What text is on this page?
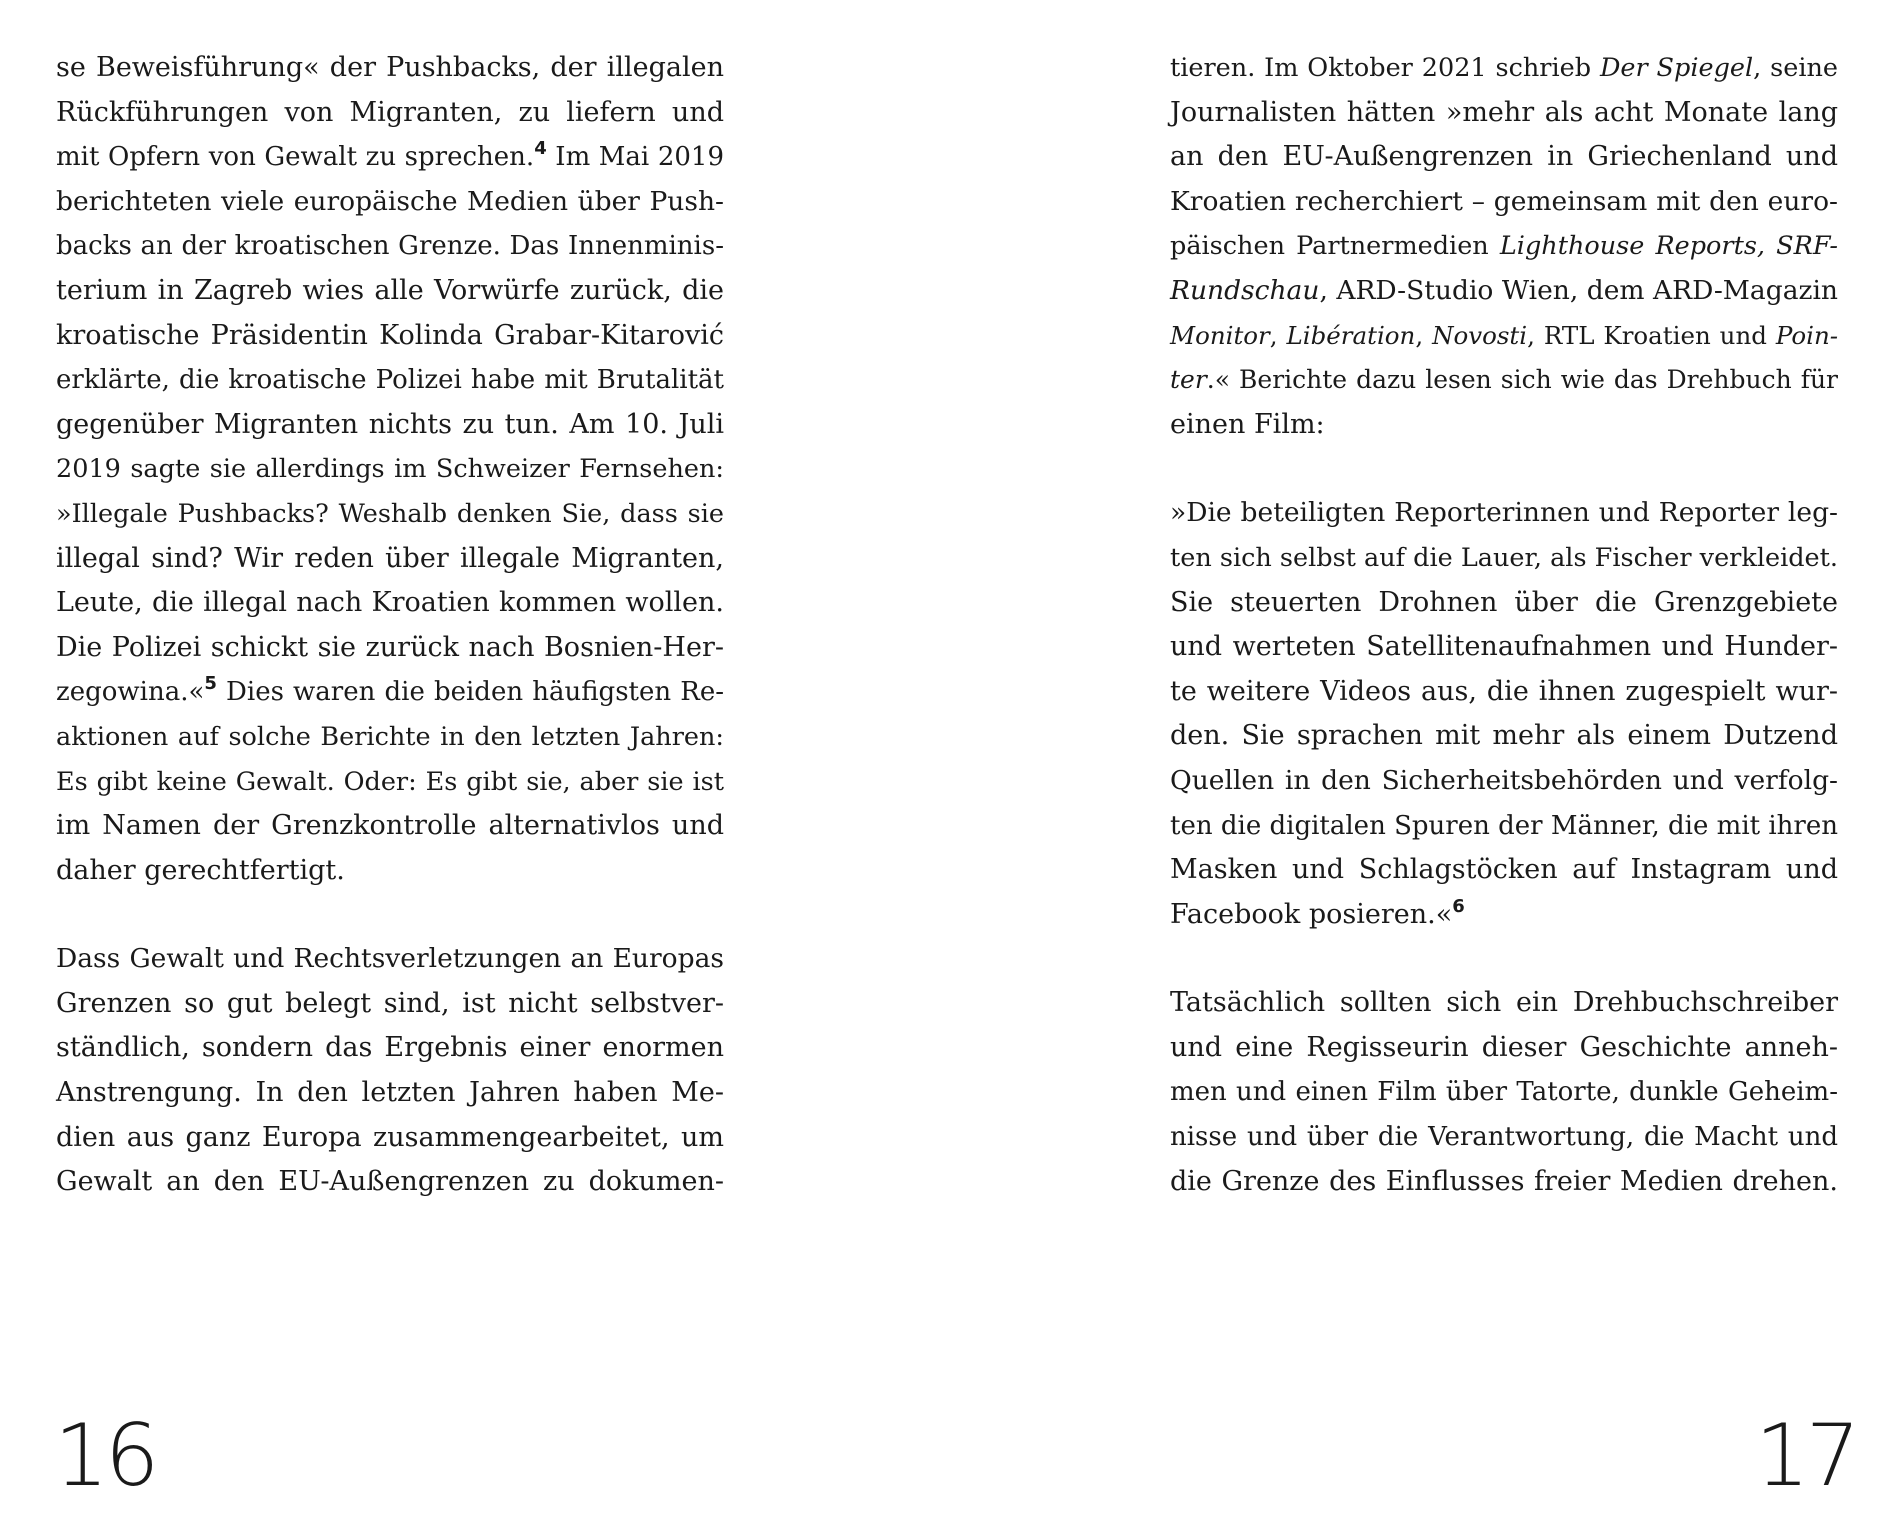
se Beweisführung« der Pushbacks, der illegalen
Rückführungen von Migranten, zu liefern und
mit Opfern von Gewalt zu sprechen.$^4$ Im Mai 2019
berichteten viele europäische Medien über Push-
backs an der kroatischen Grenze. Das Innenminis-
terium in Zagreb wies alle Vorwürfe zurück, die
kroatische Präsidentin Kolinda Grabar-Kitarović
erklärte, die kroatische Polizei habe mit Brutalität
gegenüber Migranten nichts zu tun. Am 10. Juli
2019 sagte sie allerdings im Schweizer Fernsehen:
»Illegale Pushbacks? Weshalb denken Sie, dass sie
illegal sind? Wir reden über illegale Migranten,
Leute, die illegal nach Kroatien kommen wollen.
Die Polizei schickt sie zurück nach Bosnien-Her-
zegowina.«$^5$ Dies waren die beiden häufigsten Re-
aktionen auf solche Berichte in den letzten Jahren:
Es gibt keine Gewalt. Oder: Es gibt sie, aber sie ist
im Namen der Grenzkontrolle alternativlos und
daher gerechtfertigt.

Dass Gewalt und Rechtsverletzungen an Europas
Grenzen so gut belegt sind, ist nicht selbstver-
ständlich, sondern das Ergebnis einer enormen
Anstrengung. In den letzten Jahren haben Me-
dien aus ganz Europa zusammengearbeitet, um
Gewalt an den EU-Außengrenzen zu dokumen-

16

tieren. Im Oktober 2021 schrieb Der Spiegel, seine
Journalisten hätten »mehr als acht Monate lang
an den EU-Außengrenzen in Griechenland und
Kroatien recherchiert – gemeinsam mit den euro-
päischen Partnermedien Lighthouse Reports, SRF-
Rundschau, ARD-Studio Wien, dem ARD-Magazin
Monitor, Libération, Novosti, RTL Kroatien und Poin-
ter.« Berichte dazu lesen sich wie das Drehbuch für
einen Film:

»Die beteiligten Reporterinnen und Reporter leg-
ten sich selbst auf die Lauer, als Fischer verkleidet.
Sie steuerten Drohnen über die Grenzgebiete
und werteten Satellitenaufnahmen und Hunder-
te weitere Videos aus, die ihnen zugespielt wur-
den. Sie sprachen mit mehr als einem Dutzend
Quellen in den Sicherheitsbehörden und verfolg-
ten die digitalen Spuren der Männer, die mit ihren
Masken und Schlagstöcken auf Instagram und
Facebook posieren.«$^6$

Tatsächlich sollten sich ein Drehbuchschreiber
und eine Regisseurin dieser Geschichte anneh-
men und einen Film über Tatorte, dunkle Geheim-
nisse und über die Verantwortung, die Macht und
die Grenze des Einflusses freier Medien drehen.

17
